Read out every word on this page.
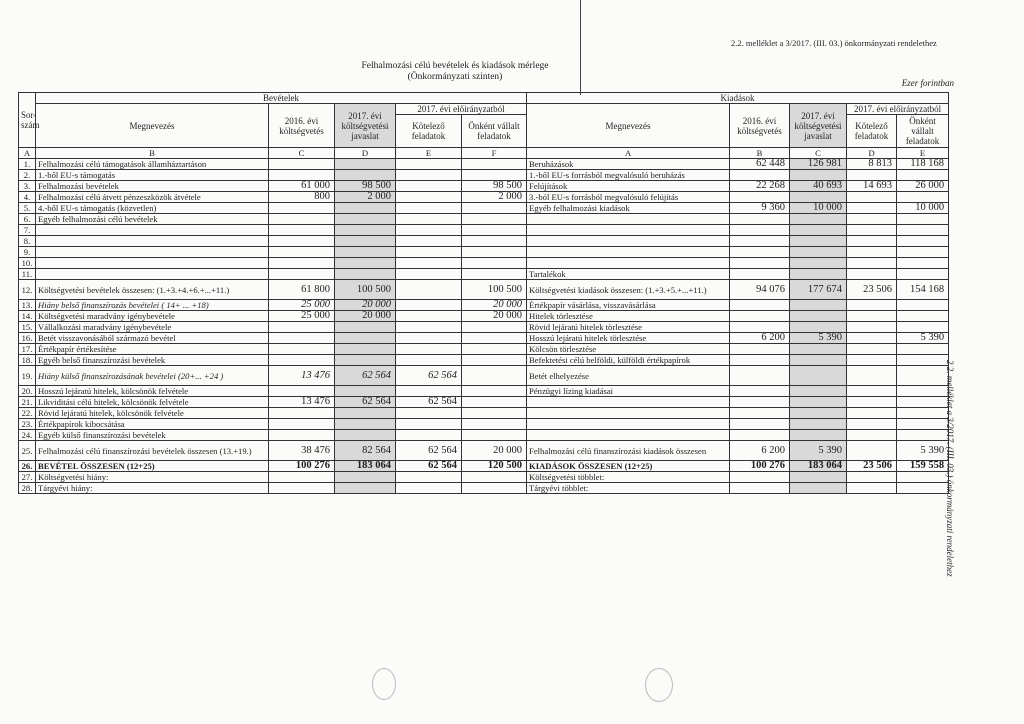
2.2. melléklet a 3/2017. (III. 03.) önkormányzati rendelethez
Felhalmozási célú bevételek és kiadások mérlege
(Önkormányzati szinten)
Ezer forintban
2.2. melléklet a 3/2017. (III. 03.) önkormányzati rendelethez
Sor-szám	Bevételek					Kiadások				
	Megnevezés	2016. évi költségvetés	2017. évi költségvetési javaslat	2017. évi előirányzatból		Megnevezés	2016. évi költségvetés	2017. évi költségvetési javaslat	2017. évi előirányzatból	
				Kötelező feladatok	Önként vállalt feladatok				Kötelező feladatok	Önként vállalt feladatok
A	B	C	D	E	F	A	B	C	D	E
1.	Felhalmozási célú támogatások államháztartáson					Beruházások	62 448	126 981	8 813	118 168
2.	1.-ből EU-s támogatás					1.-ből EU-s forrásból megvalósuló beruházás				
3.	Felhalmozási bevételek	61 000	98 500		98 500	Felújítások	22 268	40 693	14 693	26 000
4.	Felhalmozási célú átvett pénzeszközök átvétele	800	2 000		2 000	3.-ból EU-s forrásból megvalósuló felújítás				
5.	4.-ből EU-s támogatás (közvetlen)					Egyéb felhalmozási kiadások	9 360	10 000		10 000
6.	Egyéb felhalmozási célú bevételek									
7.										
8.										
9.										
10.										
11.						Tartalékok				
12.	Költségvetési bevételek összesen: (1.+3.+4.+6.+...+11.)	61 800	100 500		100 500	Költségvetési kiadások összesen: (1.+3.+5.+...+11.)	94 076	177 674	23 506	154 168
13.	Hiány belső finanszírozás bevételei ( 14+ ... +18)	25 000	20 000		20 000	Értékpapír vásárlása, visszavásárlása				
14.	Költségvetési maradvány igénybevétele	25 000	20 000		20 000	Hitelek törlesztése				
15.	Vállalkozási maradvány igénybevétele					Rövid lejáratú hitelek törlesztése				
16.	Betét visszavonásából származó bevétel					Hosszú lejáratú hitelek törlesztése	6 200	5 390		5 390
17.	Értékpapír értékesítése					Kölcsön törlesztése				
18.	Egyéb belső finanszírozási bevételek					Befektetési célú belföldi, külföldi értékpapírok				
19.	Hiány külső finanszírozásának bevételei (20+... +24 )	13 476	62 564	62 564		Betét elhelyezése				
20.	Hosszú lejáratú hitelek, kölcsönök felvétele					Pénzügyi lízing kiadásai				
21.	Likviditási célú hitelek, kölcsönök felvétele	13 476	62 564	62 564						
22.	Rövid lejáratú hitelek, kölcsönök felvétele									
23.	Értékpapírok kibocsátása									
24.	Egyéb külső finanszírozási bevételek									
25.	Felhalmozási célú finanszírozási bevételek összesen (13.+19.)	38 476	82 564	62 564	20 000	Felhalmozási célú finanszírozási kiadások összesen	6 200	5 390		5 390
26.	BEVÉTEL ÖSSZESEN (12+25)	100 276	183 064	62 564	120 500	KIADÁSOK ÖSSZESEN (12+25)	100 276	183 064	23 506	159 558
27.	Költségvetési hiány:					Költségvetési többlet:				
28.	Tárgyévi hiány:					Tárgyévi többlet:				
